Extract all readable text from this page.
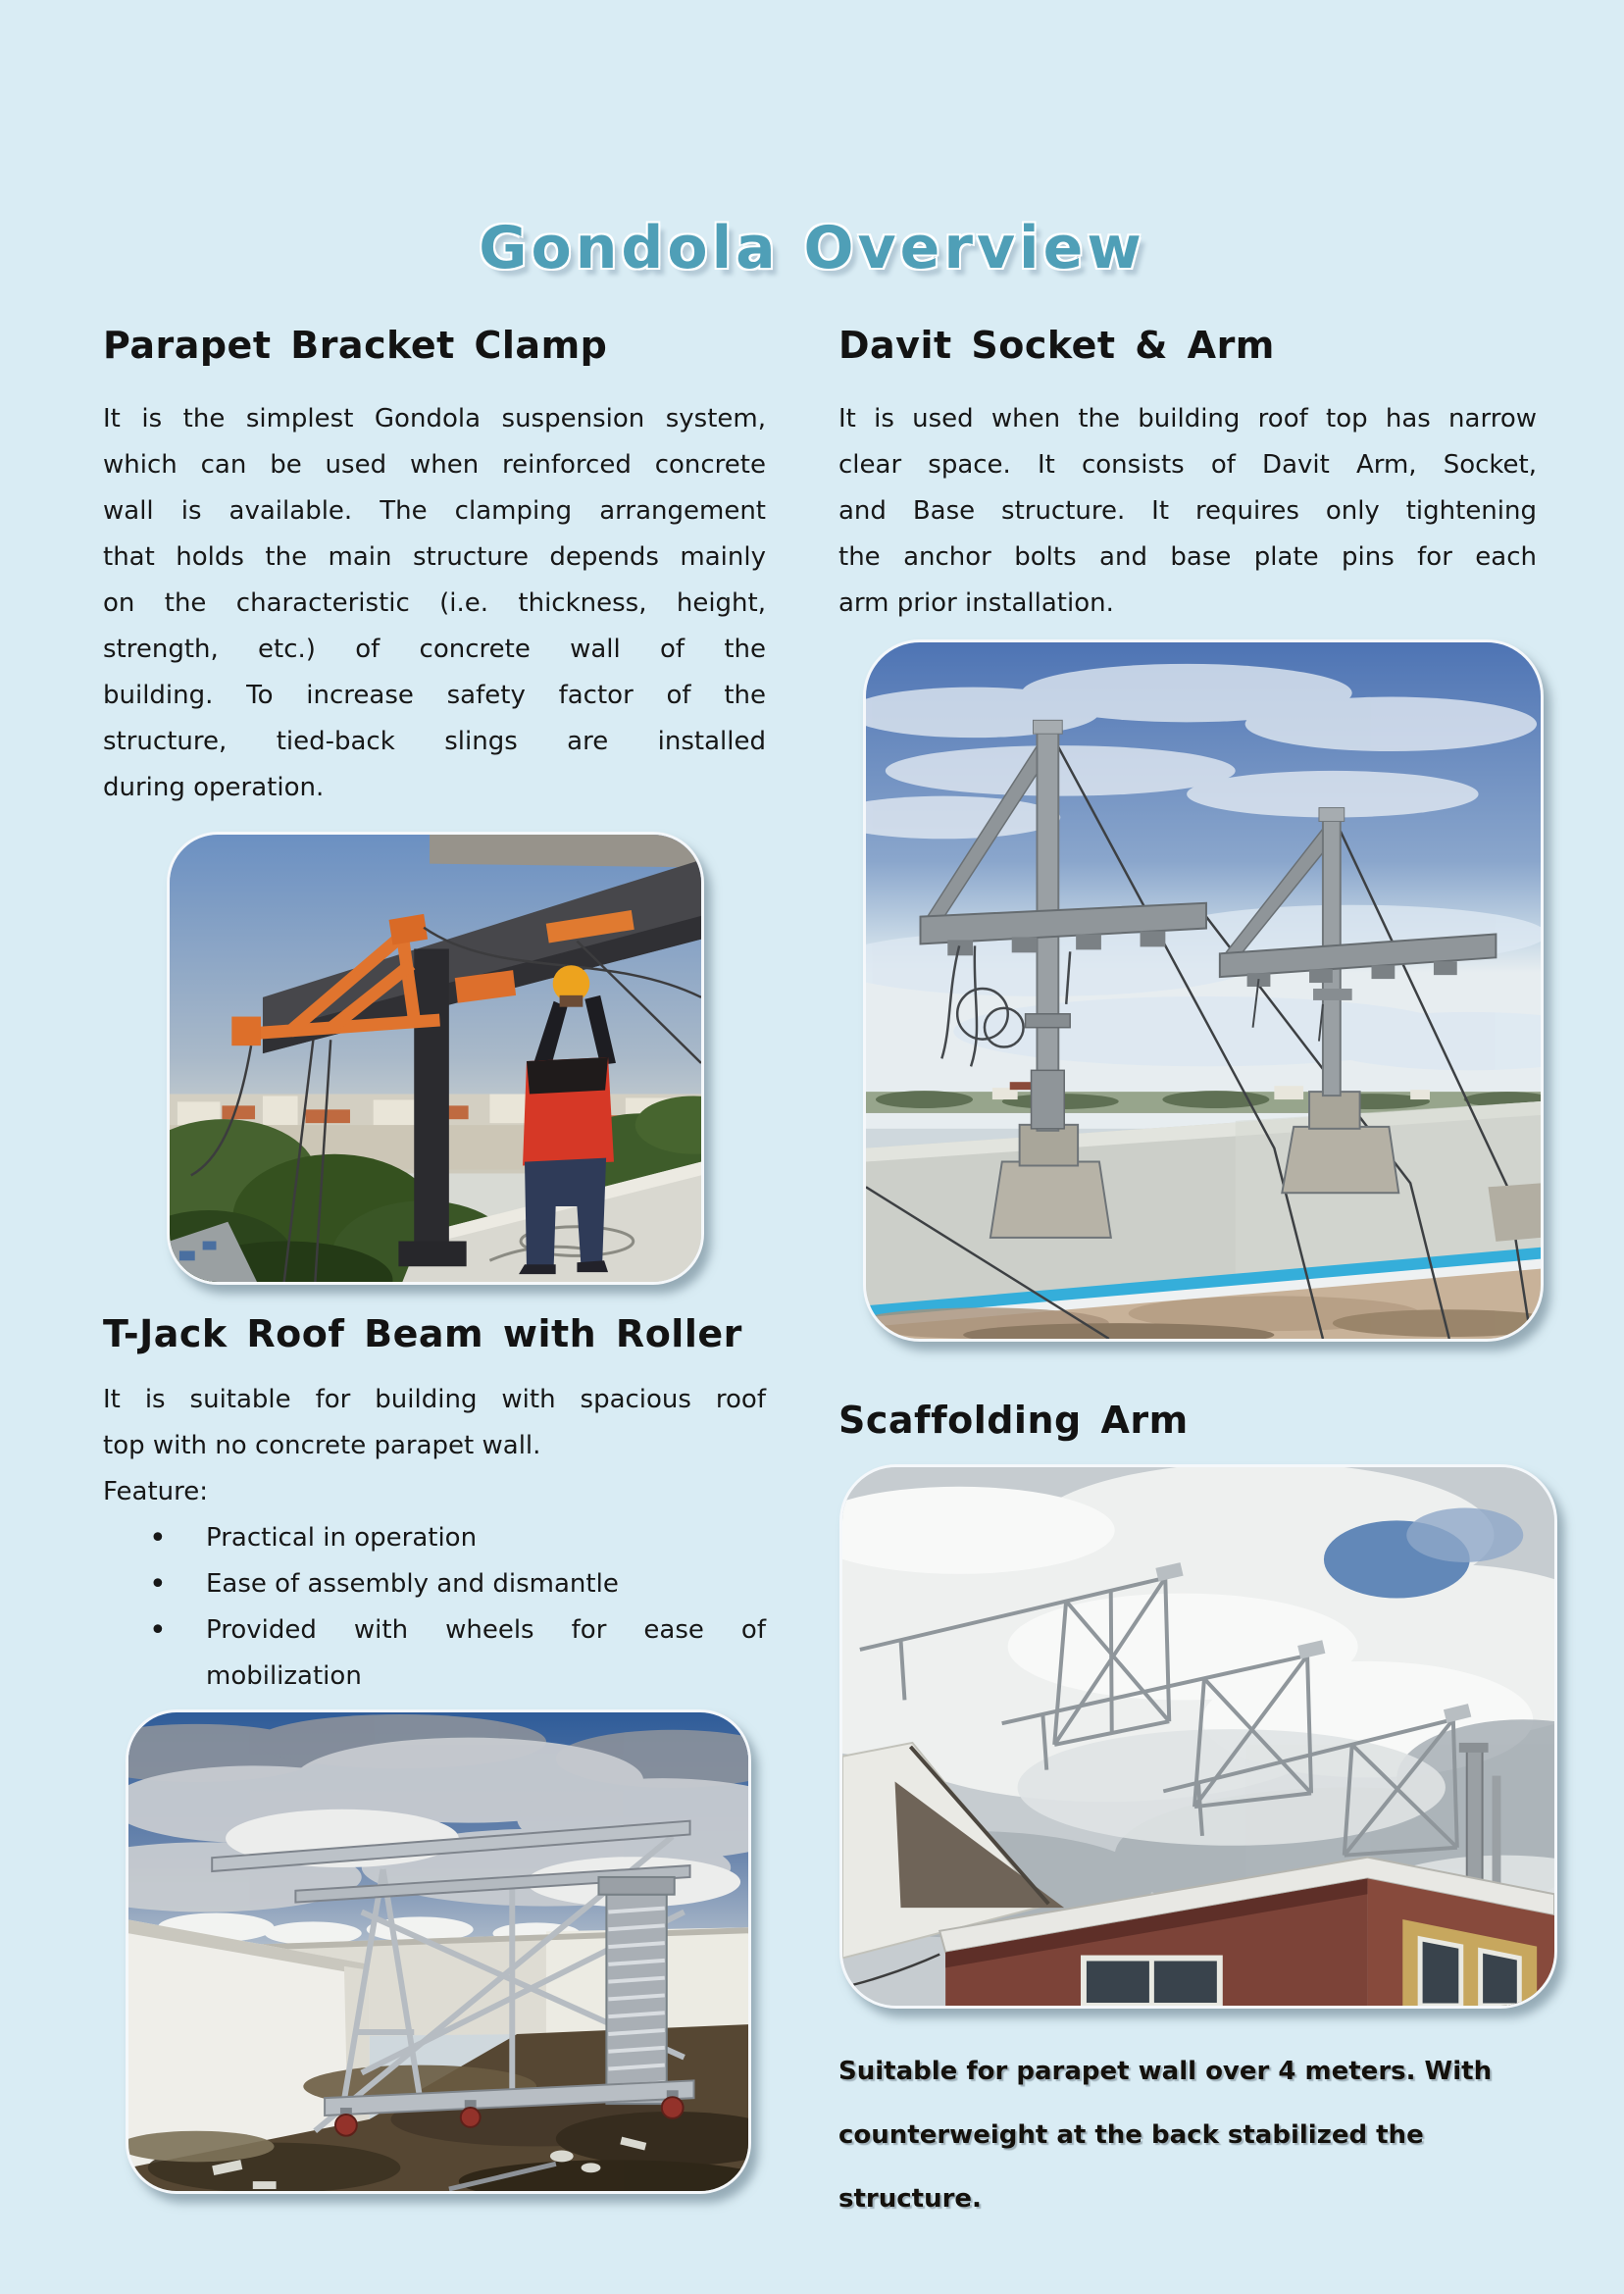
Gondola Overview
Parapet Bracket Clamp
It is the simplest Gondola suspension system,
which can be used when reinforced concrete
wall is available. The clamping arrangement
that holds the main structure depends mainly
on the characteristic (i.e. thickness, height,
strength, etc.) of concrete wall of the
building. To increase safety factor of the
structure, tied-back slings are installed
during operation.
Davit Socket & Arm
It is used when the building roof top has narrow
clear space. It consists of Davit Arm, Socket,
and Base structure. It requires only tightening
the anchor bolts and base plate pins for each
arm prior installation.
T-Jack Roof Beam with Roller
It is suitable for building with spacious roof
top with no concrete parapet wall.
Feature:
• Practical in operation
• Ease of assembly and dismantle
• Provided with wheels for ease of mobilization
Scaffolding Arm
Suitable for parapet wall over 4 meters. With
counterweight at the back stabilized the
structure.
